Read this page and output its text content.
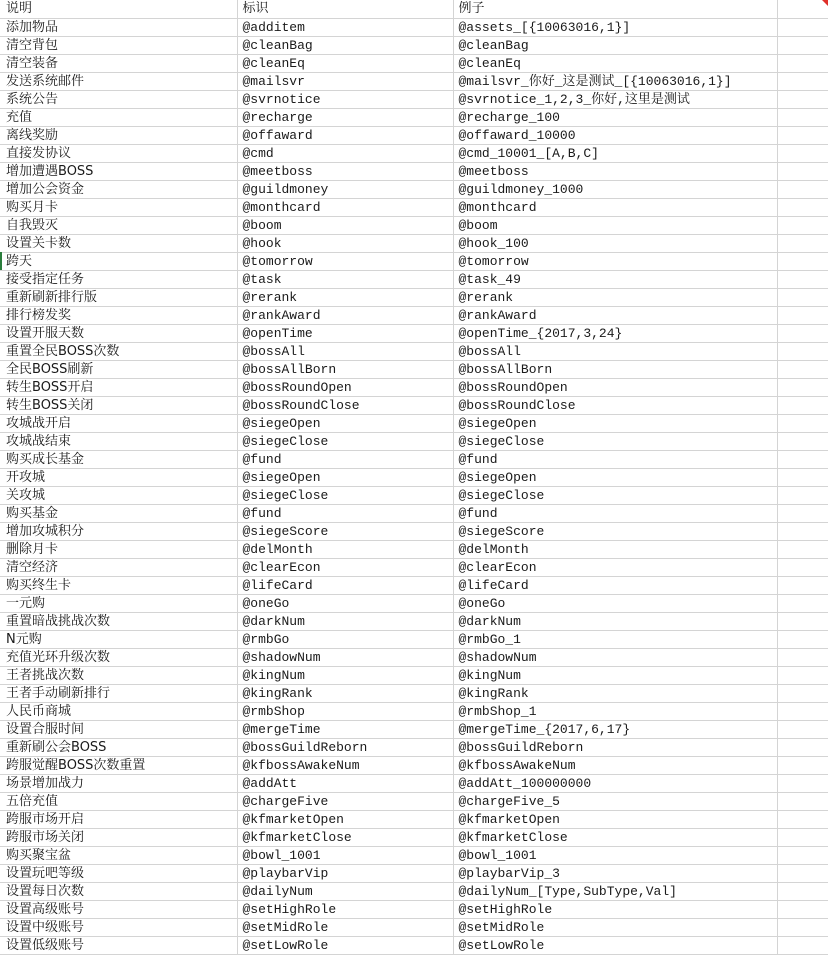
说明	标识	例子	
添加物品	@additem	@assets_[{10063016,1}]	
清空背包	@cleanBag	@cleanBag	
清空装备	@cleanEq	@cleanEq	
发送系统邮件	@mailsvr	@mailsvr_你好_这是测试_[{10063016,1}]	
系统公告	@svrnotice	@svrnotice_1,2,3_你好,这里是测试	
充值	@recharge	@recharge_100	
离线奖励	@offaward	@offaward_10000	
直接发协议	@cmd	@cmd_10001_[A,B,C]	
增加遭遇BOSS	@meetboss	@meetboss	
增加公会资金	@guildmoney	@guildmoney_1000	
购买月卡	@monthcard	@monthcard	
自我毁灭	@boom	@boom	
设置关卡数	@hook	@hook_100	
跨天	@tomorrow	@tomorrow	
接受指定任务	@task	@task_49	
重新刷新排行版	@rerank	@rerank	
排行榜发奖	@rankAward	@rankAward	
设置开服天数	@openTime	@openTime_{2017,3,24}	
重置全民BOSS次数	@bossAll	@bossAll	
全民BOSS刷新	@bossAllBorn	@bossAllBorn	
转生BOSS开启	@bossRoundOpen	@bossRoundOpen	
转生BOSS关闭	@bossRoundClose	@bossRoundClose	
攻城战开启	@siegeOpen	@siegeOpen	
攻城战结束	@siegeClose	@siegeClose	
购买成长基金	@fund	@fund	
开攻城	@siegeOpen	@siegeOpen	
关攻城	@siegeClose	@siegeClose	
购买基金	@fund	@fund	
增加攻城积分	@siegeScore	@siegeScore	
删除月卡	@delMonth	@delMonth	
清空经济	@clearEcon	@clearEcon	
购买终生卡	@lifeCard	@lifeCard	
一元购	@oneGo	@oneGo	
重置暗战挑战次数	@darkNum	@darkNum	
N元购	@rmbGo	@rmbGo_1	
充值光环升级次数	@shadowNum	@shadowNum	
王者挑战次数	@kingNum	@kingNum	
王者手动刷新排行	@kingRank	@kingRank	
人民币商城	@rmbShop	@rmbShop_1	
设置合服时间	@mergeTime	@mergeTime_{2017,6,17}	
重新刷公会BOSS	@bossGuildReborn	@bossGuildReborn	
跨服觉醒BOSS次数重置	@kfbossAwakeNum	@kfbossAwakeNum	
场景增加战力	@addAtt	@addAtt_100000000	
五倍充值	@chargeFive	@chargeFive_5	
跨服市场开启	@kfmarketOpen	@kfmarketOpen	
跨服市场关闭	@kfmarketClose	@kfmarketClose	
购买聚宝盆	@bowl_1001	@bowl_1001	
设置玩吧等级	@playbarVip	@playbarVip_3	
设置每日次数	@dailyNum	@dailyNum_[Type,SubType,Val]	
设置高级账号	@setHighRole	@setHighRole	
设置中级账号	@setMidRole	@setMidRole	
设置低级账号	@setLowRole	@setLowRole	
